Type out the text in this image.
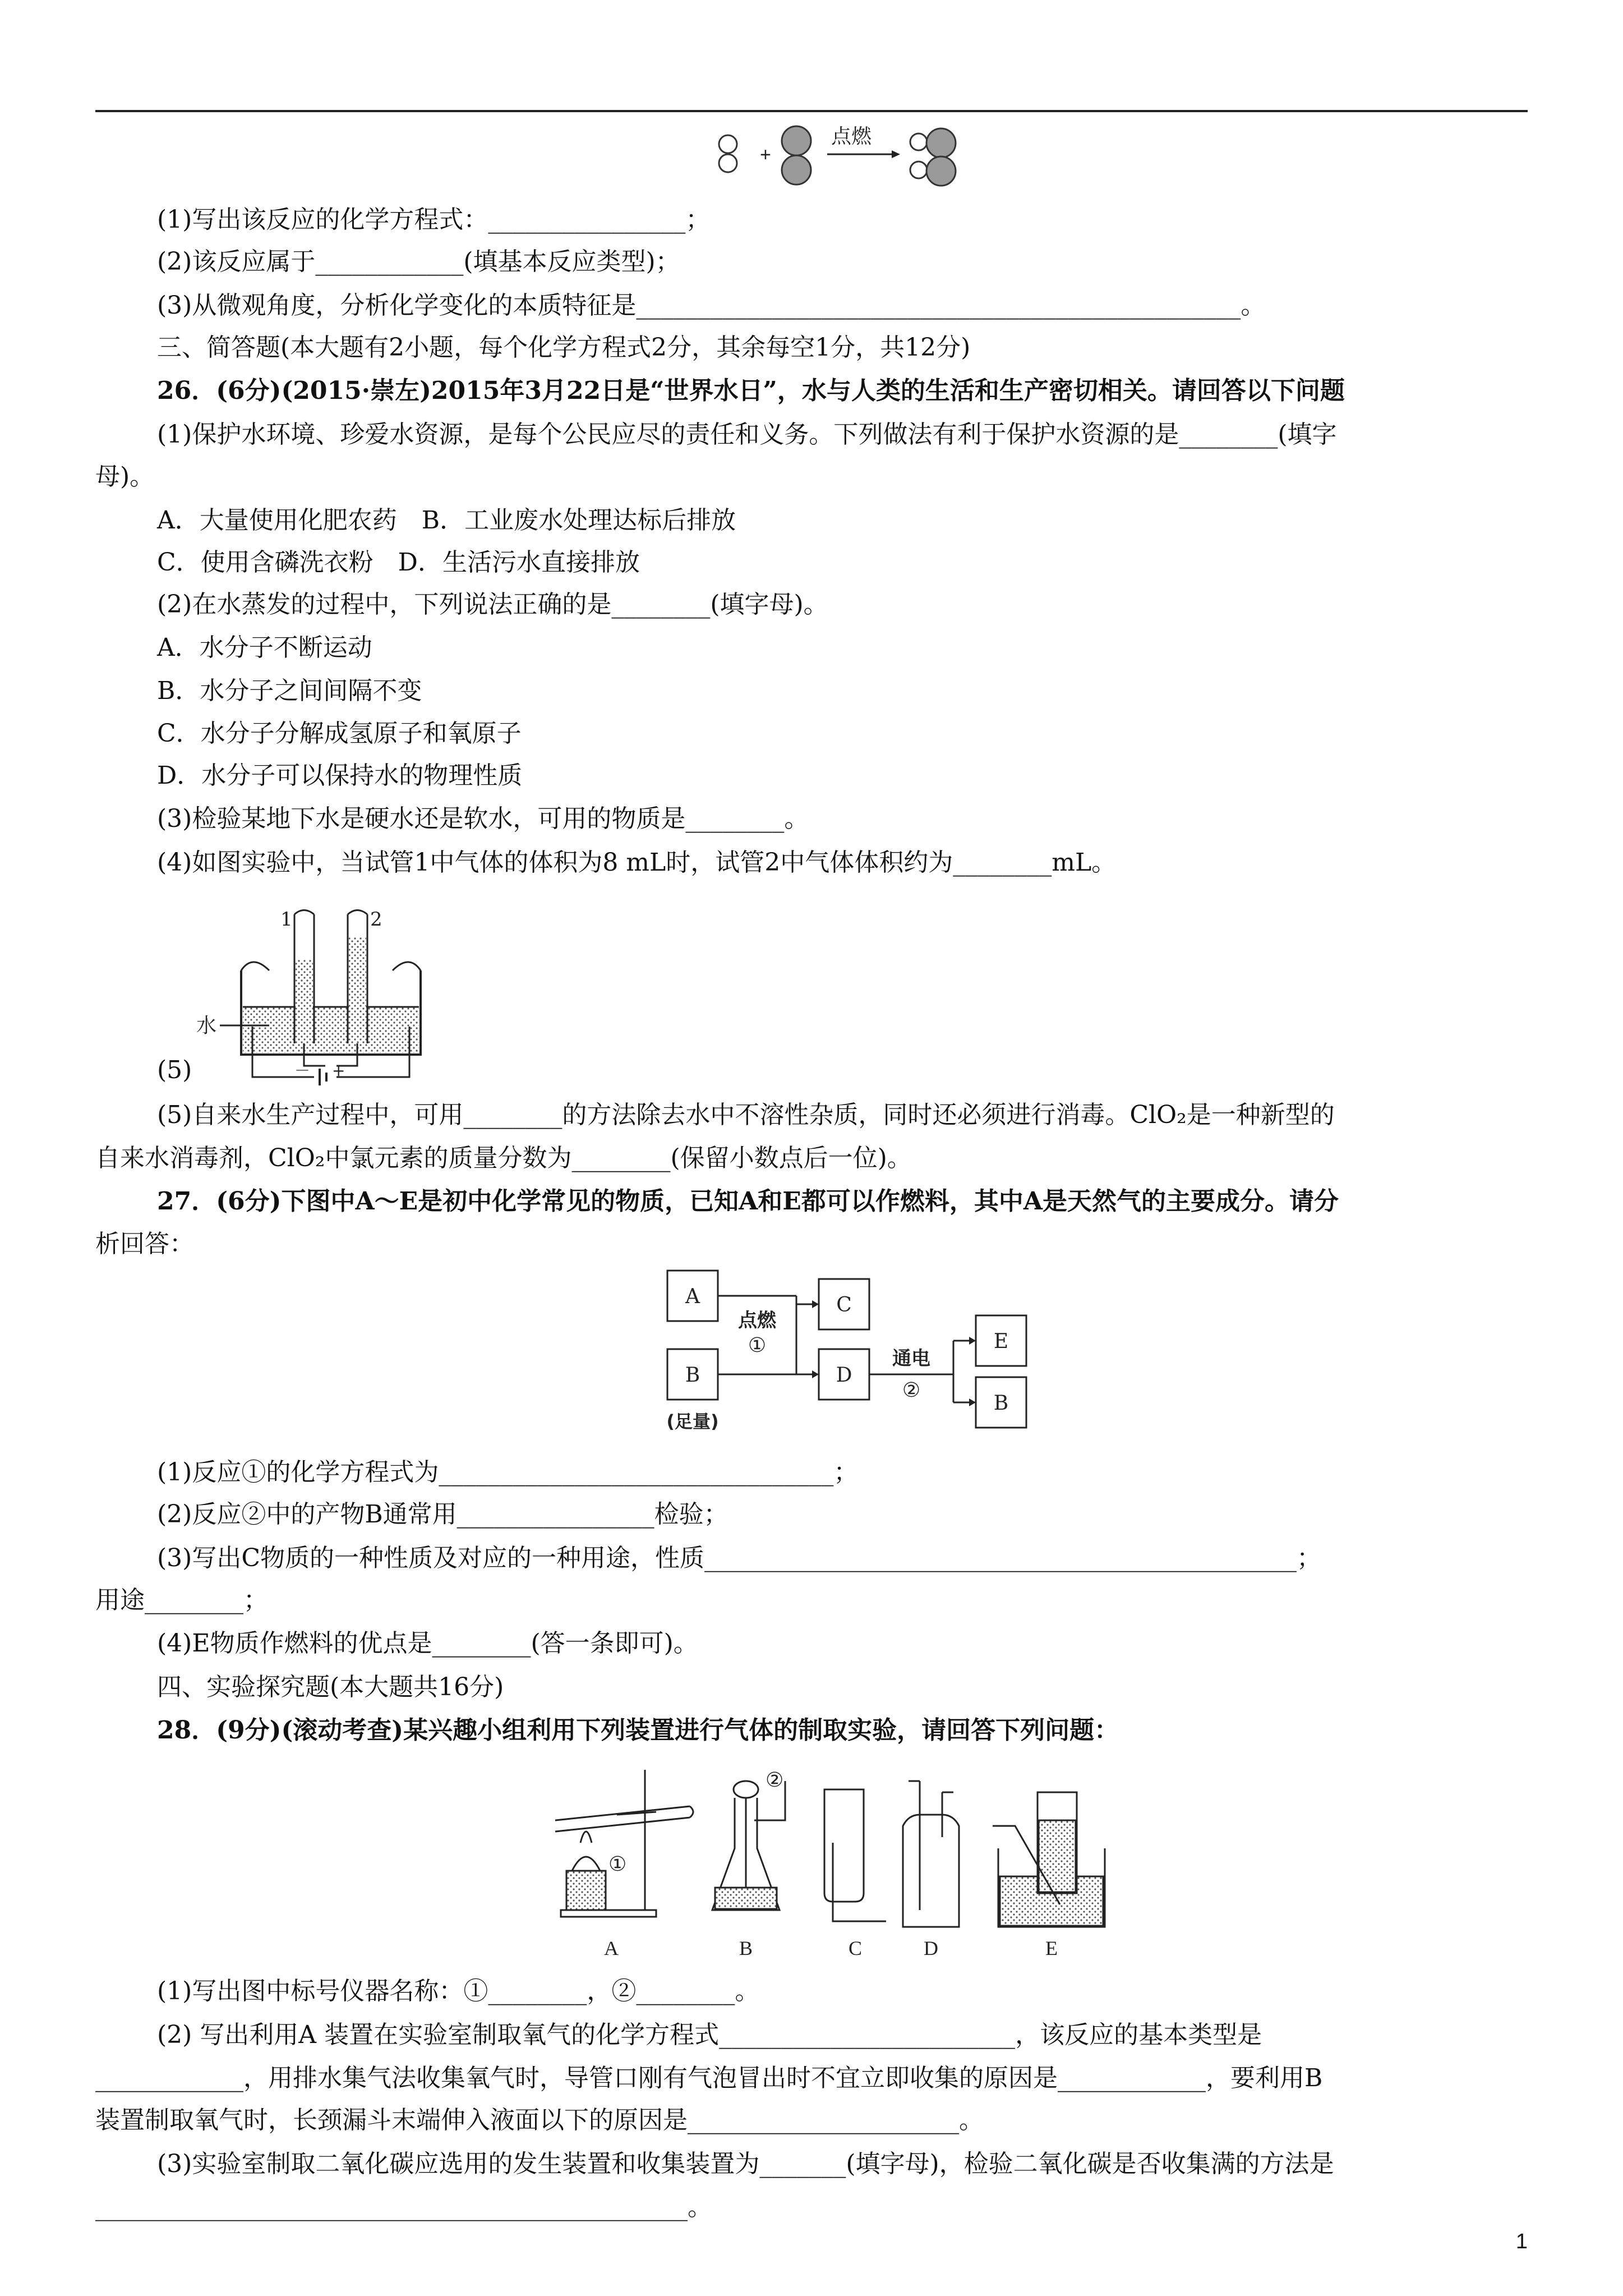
+
点燃
(1)写出该反应的化学方程式：________________；
(2)该反应属于____________(填基本反应类型)；
(3)从微观角度，分析化学变化的本质特征是_________________________________________________。
三、简答题(本大题有2小题，每个化学方程式2分，其余每空1分，共12分)
26．(6分)(2015·崇左)2015年3月22日是“世界水日”，水与人类的生活和生产密切相关。请回答以下问题
(1)保护水环境、珍爱水资源，是每个公民应尽的责任和义务。下列做法有利于保护水资源的是________(填字
母)。
A．大量使用化肥农药　B．工业废水处理达标后排放
C．使用含磷洗衣粉　D．生活污水直接排放
(2)在水蒸发的过程中，下列说法正确的是________(填字母)。
A．水分子不断运动
B．水分子之间间隔不变
C．水分子分解成氢原子和氧原子
D．水分子可以保持水的物理性质
(3)检验某地下水是硬水还是软水，可用的物质是________。
(4)如图实验中，当试管1中气体的体积为8 mL时，试管2中气体体积约为________mL。
1	2
－ +
水
(5)
(5)自来水生产过程中，可用________的方法除去水中不溶性杂质，同时还必须进行消毒。ClO₂是一种新型的
自来水消毒剂，ClO₂中氯元素的质量分数为________(保留小数点后一位)。
27．(6分)下图中A～E是初中化学常见的物质，已知A和E都可以作燃料，其中A是天然气的主要成分。请分
析回答：
A
B
C
D
E
B
点燃
①
通电
②
(足量)
(1)反应①的化学方程式为________________________________；
(2)反应②中的产物B通常用________________检验；
(3)写出C物质的一种性质及对应的一种用途，性质________________________________________________；
用途________；
(4)E物质作燃料的优点是________(答一条即可)。
四、实验探究题(本大题共16分)
28．(9分)(滚动考查)某兴趣小组利用下列装置进行气体的制取实验，请回答下列问题：
①
②
A	B	C	D	E
(1)写出图中标号仪器名称：①________，②________。
(2) 写出利用A 装置在实验室制取氧气的化学方程式________________________，该反应的基本类型是
____________，用排水集气法收集氧气时，导管口刚有气泡冒出时不宜立即收集的原因是____________，要利用B
装置制取氧气时，长颈漏斗末端伸入液面以下的原因是______________________。
(3)实验室制取二氧化碳应选用的发生装置和收集装置为_______(填字母)，检验二氧化碳是否收集满的方法是
________________________________________________。
1
